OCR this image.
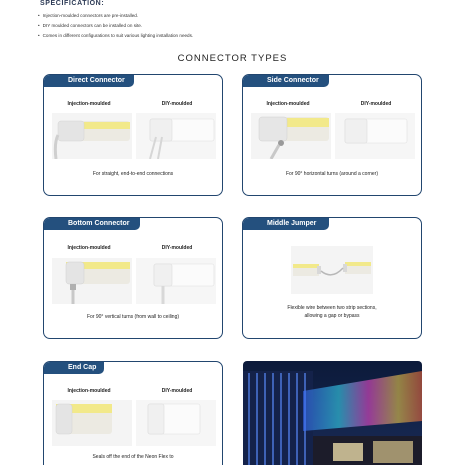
SPECIFICATION:
• Injection-moulded connectors are pre-installed.
• DIY moulded connectors can be installed on site.
• Comes in different configurations to suit various lighting installation needs.
CONNECTOR TYPES
Direct Connector
Injection-moulded	DIY-moulded
For straight, end-to-end connections
Side Connector
Injection-moulded	DIY-moulded
For 90° horizontal turns (around a corner)
Bottom Connector
Injection-moulded	DIY-moulded
For 90° vertical turns (from wall to ceiling)
Middle Jumper
Flexible wire between two strip sections,
allowing a gap or bypass
End Cap
Injection-moulded	DIY-moulded
Seals off the end of the Neon Flex to
